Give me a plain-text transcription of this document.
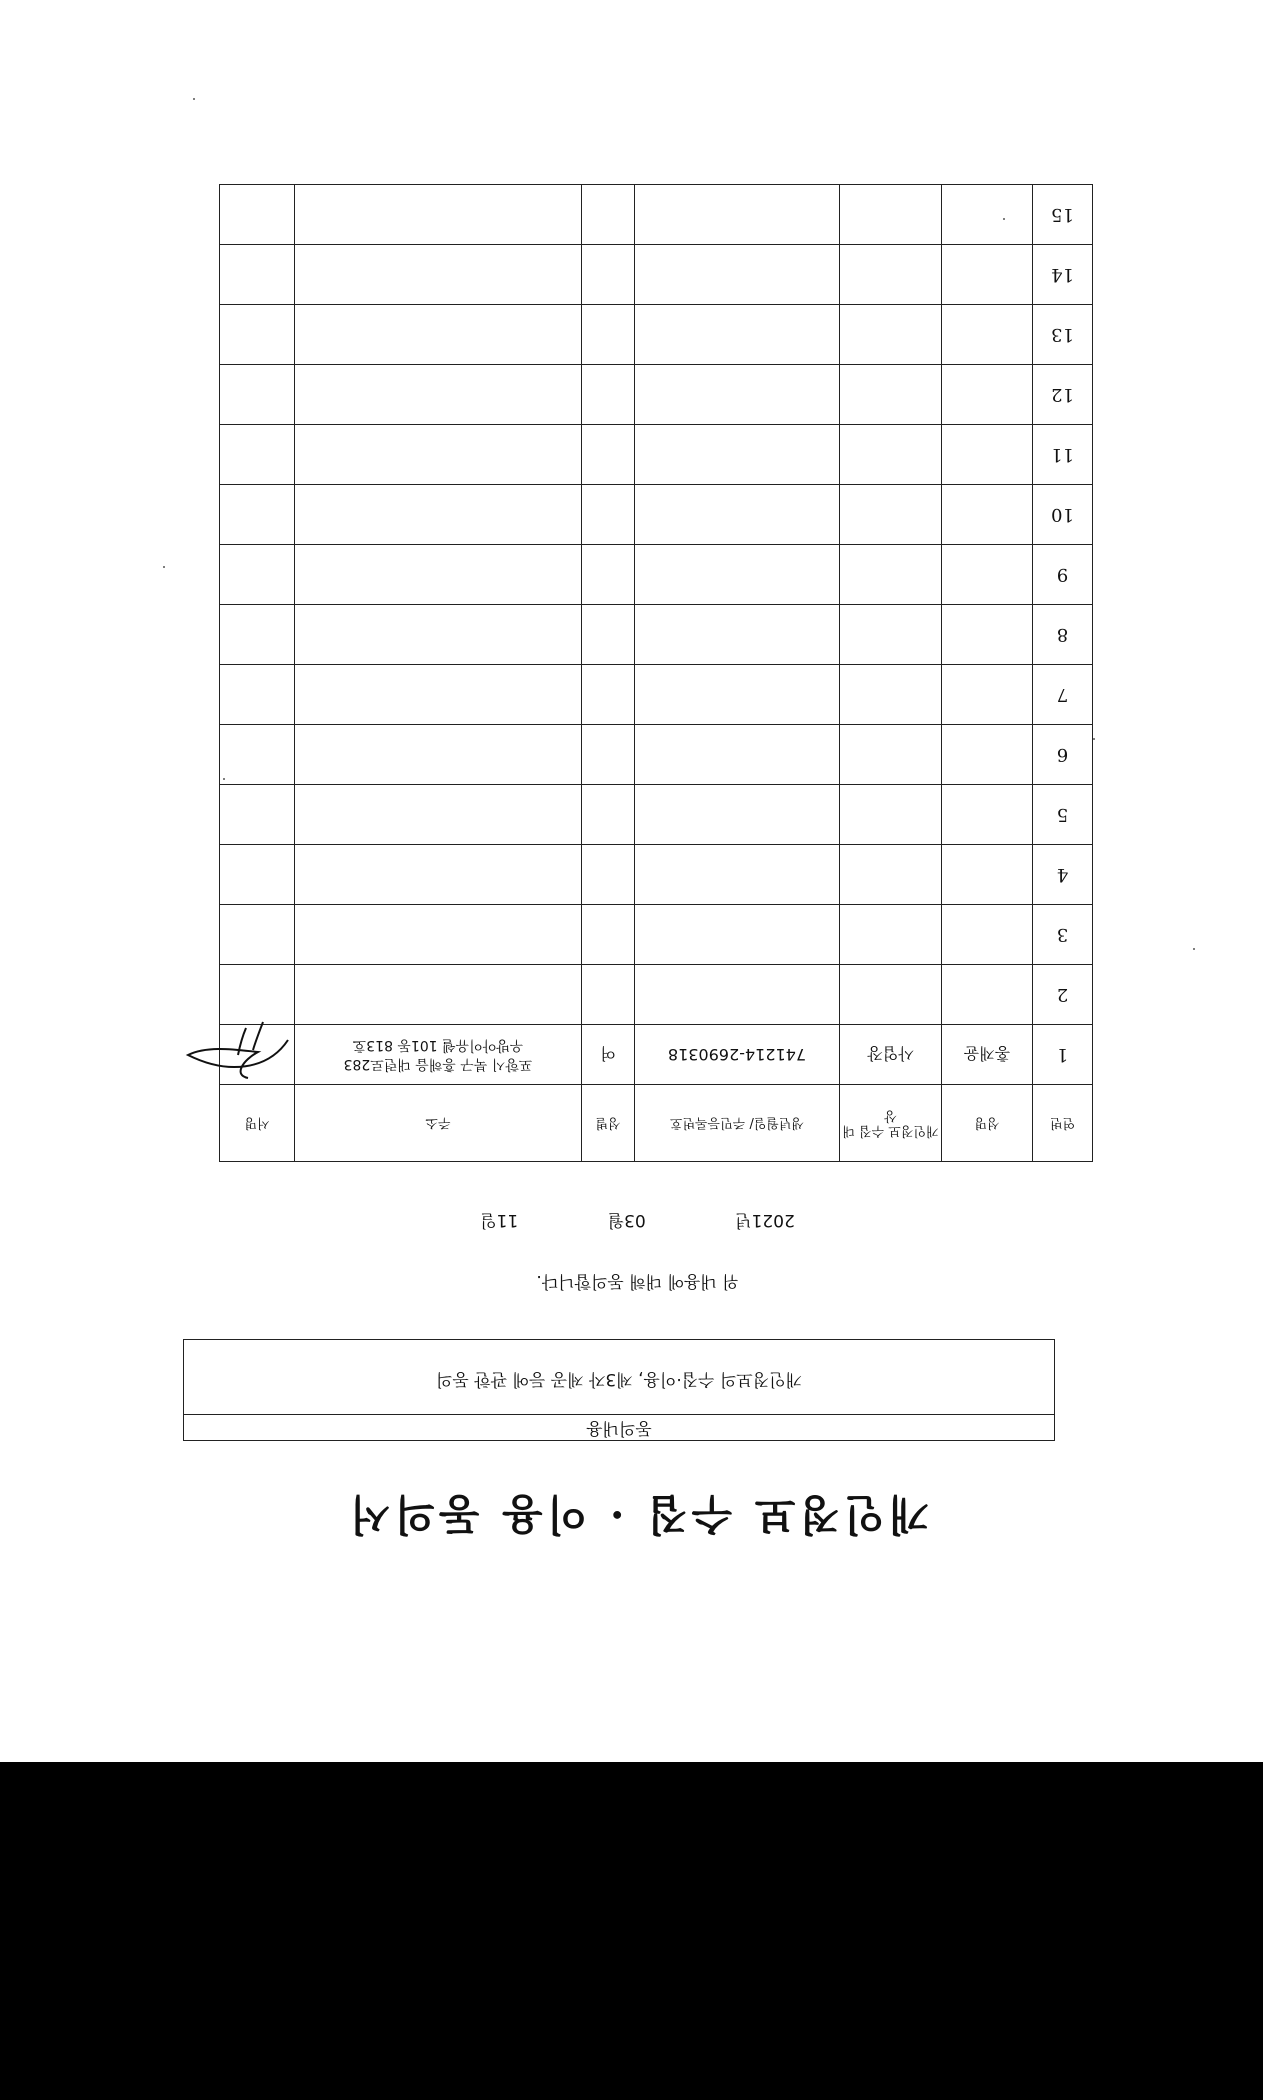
개인정보 수집 · 이용 동의서
동의내용
개인정보의 수집·이용, 제3자 제공 등에 관한 동의
위 내용에 대해 동의합니다.
2021년 03월 11일
연번	성명	개인정보 수집 대상	생년월일/ 주민등록번호	성별	주소	서명
1	홍재윤	사업장	741214-2690318	여	포항시 북구 흥해읍 대련로283
우방아이유쉘 101동 813호

2						
3						
4						
5						
6						
7						
8						
9						
10						
11						
12						
13						
14						
15						
